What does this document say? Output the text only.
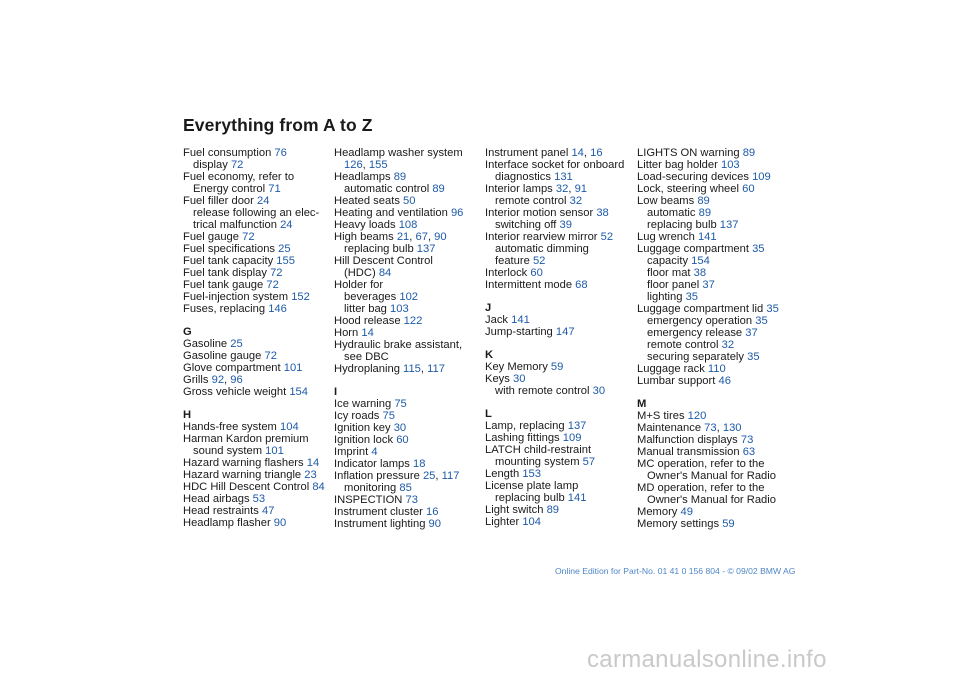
Everything from A to Z
Fuel consumption 76
display 72
Fuel economy, refer to
Energy control 71
Fuel filler door 24
release following an elec-
trical malfunction 24
Fuel gauge 72
Fuel specifications 25
Fuel tank capacity 155
Fuel tank display 72
Fuel tank gauge 72
Fuel-injection system 152
Fuses, replacing 146
G
Gasoline 25
Gasoline gauge 72
Glove compartment 101
Grills 92, 96
Gross vehicle weight 154
H
Hands-free system 104
Harman Kardon premium
sound system 101
Hazard warning flashers 14
Hazard warning triangle 23
HDC Hill Descent Control 84
Head airbags 53
Head restraints 47
Headlamp flasher 90
Headlamp washer system
126, 155
Headlamps 89
automatic control 89
Heated seats 50
Heating and ventilation 96
Heavy loads 108
High beams 21, 67, 90
replacing bulb 137
Hill Descent Control
(HDC) 84
Holder for
beverages 102
litter bag 103
Hood release 122
Horn 14
Hydraulic brake assistant,
see DBC
Hydroplaning 115, 117
I
Ice warning 75
Icy roads 75
Ignition key 30
Ignition lock 60
Imprint 4
Indicator lamps 18
Inflation pressure 25, 117
monitoring 85
INSPECTION 73
Instrument cluster 16
Instrument lighting 90
Instrument panel 14, 16
Interface socket for onboard
diagnostics 131
Interior lamps 32, 91
remote control 32
Interior motion sensor 38
switching off 39
Interior rearview mirror 52
automatic dimming
feature 52
Interlock 60
Intermittent mode 68
J
Jack 141
Jump-starting 147
K
Key Memory 59
Keys 30
with remote control 30
L
Lamp, replacing 137
Lashing fittings 109
LATCH child-restraint
mounting system 57
Length 153
License plate lamp
replacing bulb 141
Light switch 89
Lighter 104
LIGHTS ON warning 89
Litter bag holder 103
Load-securing devices 109
Lock, steering wheel 60
Low beams 89
automatic 89
replacing bulb 137
Lug wrench 141
Luggage compartment 35
capacity 154
floor mat 38
floor panel 37
lighting 35
Luggage compartment lid 35
emergency operation 35
emergency release 37
remote control 32
securing separately 35
Luggage rack 110
Lumbar support 46
M
M+S tires 120
Maintenance 73, 130
Malfunction displays 73
Manual transmission 63
MC operation, refer to the
Owner's Manual for Radio
MD operation, refer to the
Owner's Manual for Radio
Memory 49
Memory settings 59
Online Edition for Part-No. 01 41 0 156 804 - © 09/02 BMW AG
carmanualsonline.info
